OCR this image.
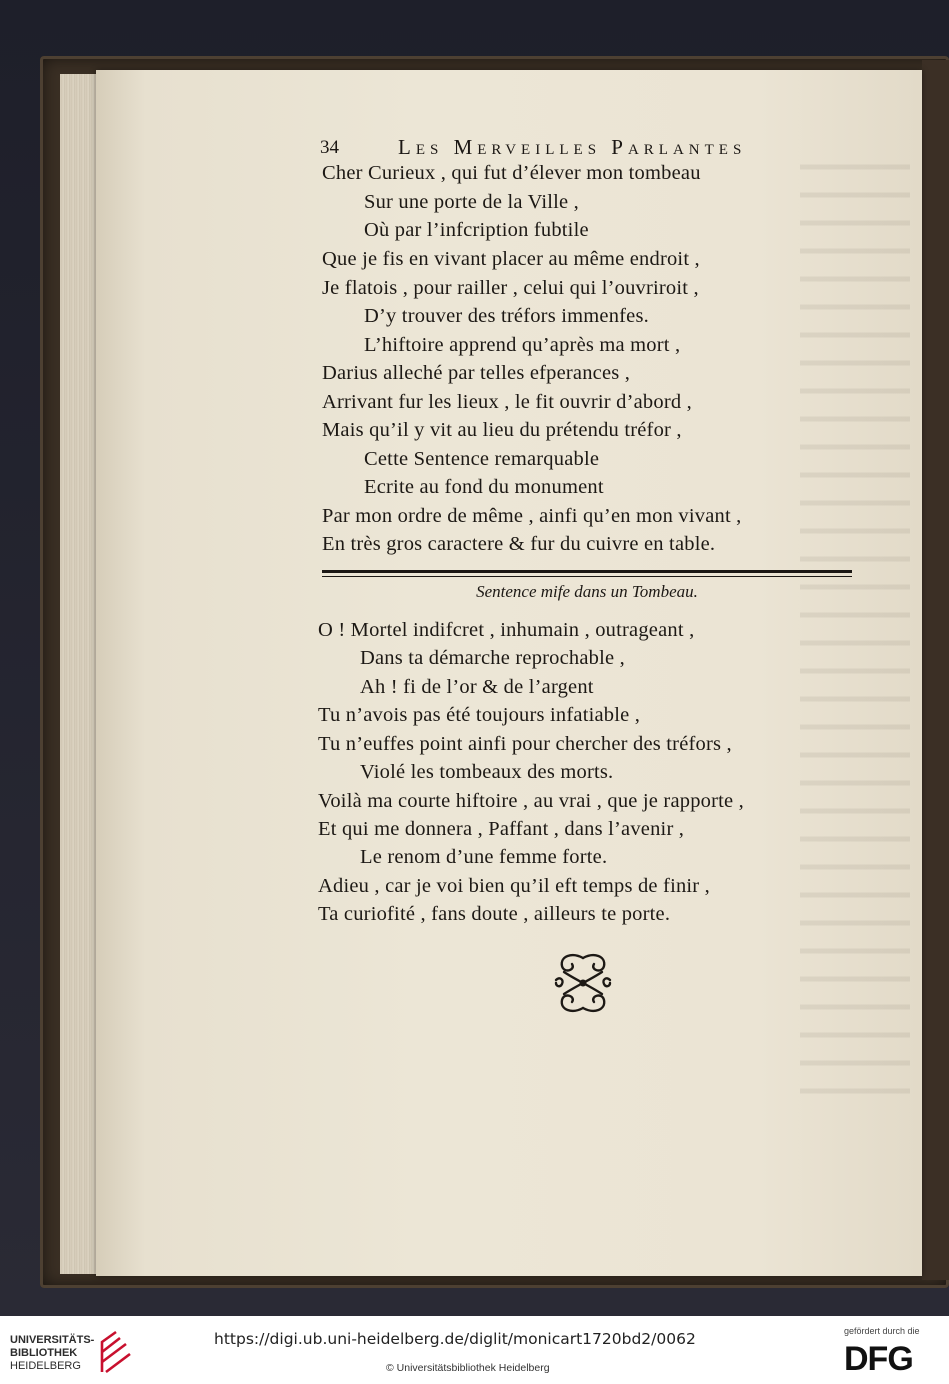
34	Les Merveilles Parlantes
Cher Curieux , qui fut d’élever mon tombeau
Sur une porte de la Ville ,
Où par l’infcription fubtile
Que je fis en vivant placer au même endroit ,
Je flatois , pour railler , celui qui l’ouvriroit ,
D’y trouver des tréfors immenfes.
L’hiftoire apprend qu’après ma mort ,
Darius alleché par telles efperances ,
Arrivant fur les lieux , le fit ouvrir d’abord ,
Mais qu’il y vit au lieu du prétendu tréfor ,
Cette Sentence remarquable
Ecrite au fond du monument
Par mon ordre de même , ainfi qu’en mon vivant ,
En très gros caractere & fur du cuivre en table.
Sentence mife dans un Tombeau.
O ! Mortel indifcret , inhumain , outrageant ,
Dans ta démarche reprochable ,
Ah ! fi de l’or & de l’argent
Tu n’avois pas été toujours infatiable ,
Tu n’euffes point ainfi pour chercher des tréfors ,
Violé les tombeaux des morts.
Voilà ma courte hiftoire , au vrai , que je rapporte ,
Et qui me donnera , Paffant , dans l’avenir ,
Le renom d’une femme forte.
Adieu , car je voi bien qu’il eft temps de finir ,
Ta curiofité , fans doute , ailleurs te porte.
UNIVERSITÄTS-
BIBLIOTHEK
HEIDELBERG
https://digi.ub.uni-heidelberg.de/diglit/monicart1720bd2/0062
© Universitätsbibliothek Heidelberg
gefördert durch die
DFG
